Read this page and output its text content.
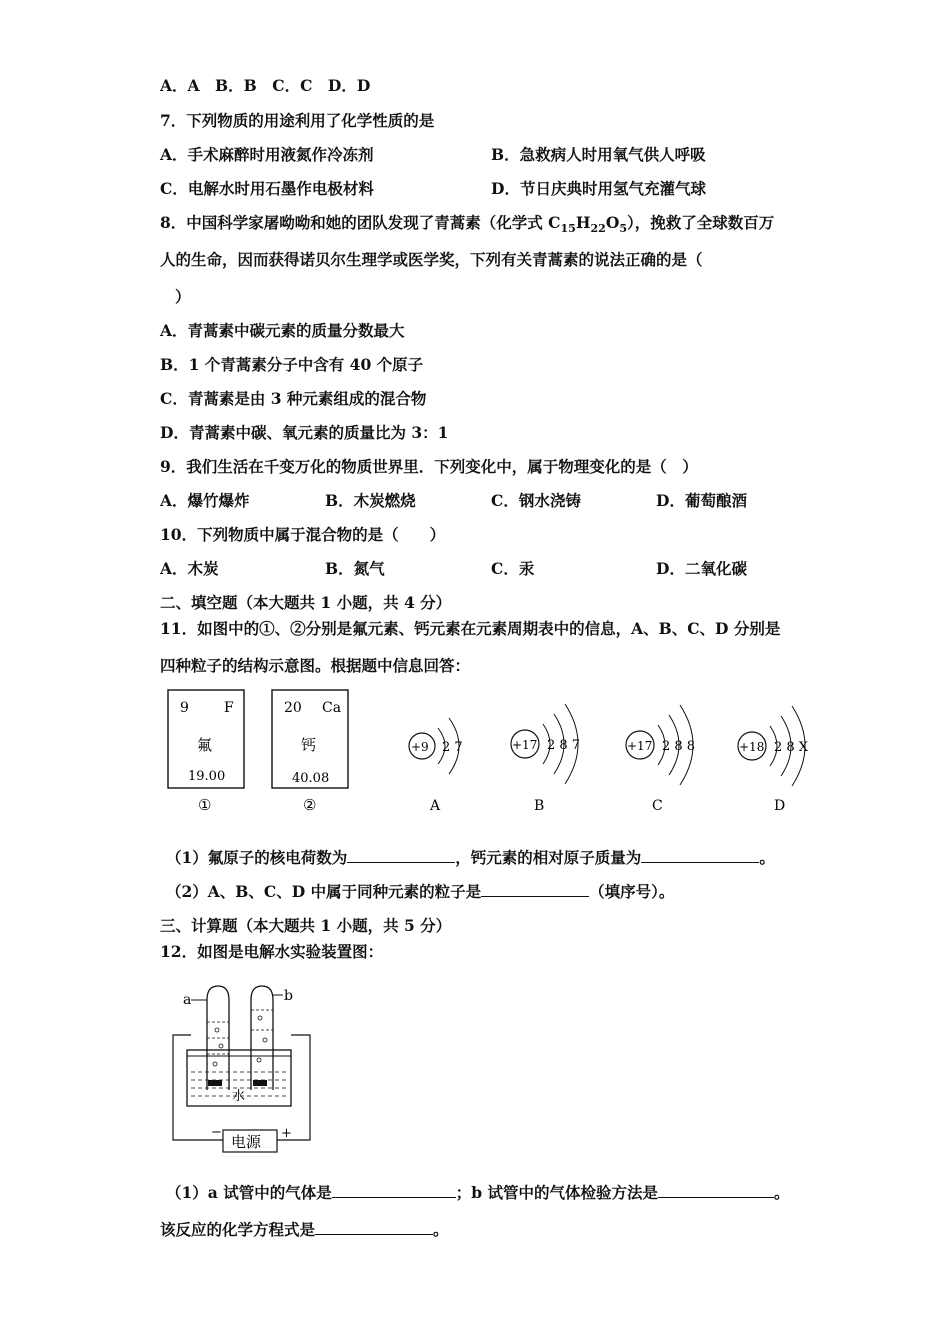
A．A　B．B　C．C　D．D
7．下列物质的用途利用了化学性质的是
A．手术麻醉时用液氮作冷冻剂	B．急救病人时用氧气供人呼吸
C．电解水时用石墨作电极材料	D．节日庆典时用氢气充灌气球
8．中国科学家屠呦呦和她的团队发现了青蒿素（化学式 $C_{15}H_{22}O_5$），挽救了全球数百万
人的生命，因而获得诺贝尔生理学或医学奖，下列有关青蒿素的说法正确的是（
）
A．青蒿素中碳元素的质量分数最大
B．1 个青蒿素分子中含有 40 个原子
C．青蒿素是由 3 种元素组成的混合物
D．青蒿素中碳、氧元素的质量比为 3：1
9．我们生活在千变万化的物质世界里．下列变化中，属于物理变化的是（　）
A．爆竹爆炸	B．木炭燃烧	C．钢水浇铸	D．葡萄酿酒
10．下列物质中属于混合物的是（　　）
A．木炭	B．氮气	C．汞	D．二氧化碳
二、填空题（本大题共 1 小题，共 4 分）
11．如图中的①、②分别是氟元素、钙元素在元素周期表中的信息，A、B、C、D 分别是
四种粒子的结构示意图。根据题中信息回答：
9	F
氟
19.00
①
20 Ca
钙
40.08
②
+9 2 7
A
+17 2 8 7
B
+17 2 8 8
C
+18 2 8 X
D
（1）氟原子的核电荷数为	，钙元素的相对原子质量为	。
（2）A、B、C、D 中属于同种元素的粒子是	（填序号）。
三、计算题（本大题共 1 小题，共 5 分）
12．如图是电解水实验装置图：
a	b
水
电源
−	+
（1）a 试管中的气体是	；b 试管中的气体检验方法是	。
该反应的化学方程式是	。
